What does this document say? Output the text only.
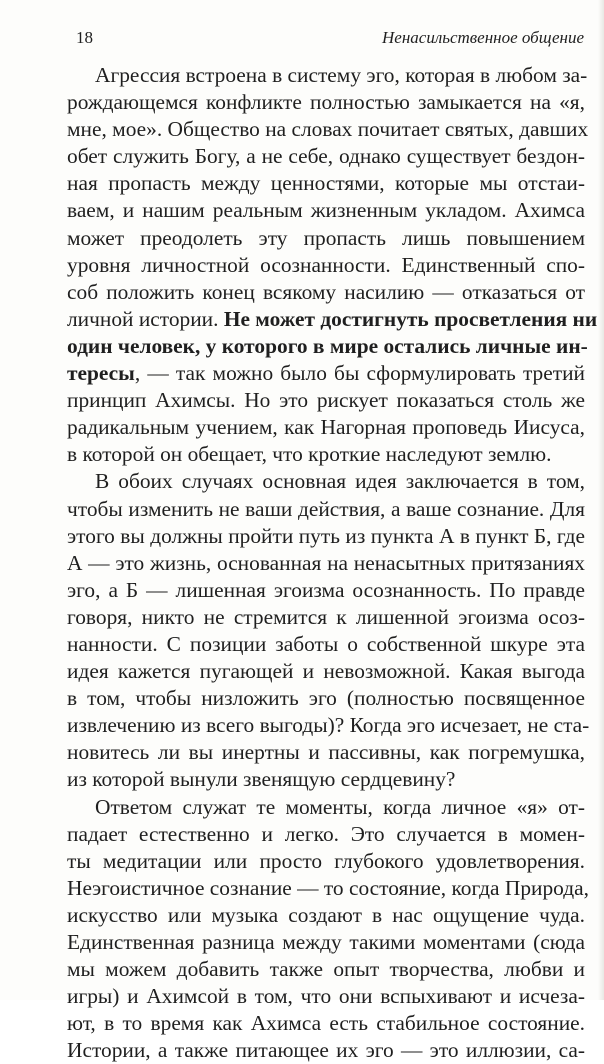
18	Ненасильственное общение
Агрессия встроена в систему эго, которая в любом за-
рождающемся конфликте полностью замыкается на «я,
мне, мое». Общество на словах почитает святых, давших
обет служить Богу, а не себе, однако существует бездон-
ная пропасть между ценностями, которые мы отстаи-
ваем, и нашим реальным жизненным укладом. Ахимса
может преодолеть эту пропасть лишь повышением
уровня личностной осознанности. Единственный спо-
соб положить конец всякому насилию — отказаться от
личной истории. Не может достигнуть просветления ни
один человек, у которого в мире остались личные ин-
тересы, — так можно было бы сформулировать третий
принцип Ахимсы. Но это рискует показаться столь же
радикальным учением, как Нагорная проповедь Иисуса,
в которой он обещает, что кроткие наследуют землю.
В обоих случаях основная идея заключается в том,
чтобы изменить не ваши действия, а ваше сознание. Для
этого вы должны пройти путь из пункта А в пункт Б, где
А — это жизнь, основанная на ненасытных притязаниях
эго, а Б — лишенная эгоизма осознанность. По правде
говоря, никто не стремится к лишенной эгоизма осоз-
нанности. С позиции заботы о собственной шкуре эта
идея кажется пугающей и невозможной. Какая выгода
в том, чтобы низложить эго (полностью посвященное
извлечению из всего выгоды)? Когда эго исчезает, не ста-
новитесь ли вы инертны и пассивны, как погремушка,
из которой вынули звенящую сердцевину?
Ответом служат те моменты, когда личное «я» от-
падает естественно и легко. Это случается в момен-
ты медитации или просто глубокого удовлетворения.
Неэгоистичное сознание — то состояние, когда Природа,
искусство или музыка создают в нас ощущение чуда.
Единственная разница между такими моментами (сюда
мы можем добавить также опыт творчества, любви и
игры) и Ахимсой в том, что они вспыхивают и исчеза-
ют, в то время как Ахимса есть стабильное состояние.
Истории, а также питающее их эго — это иллюзии, са-
